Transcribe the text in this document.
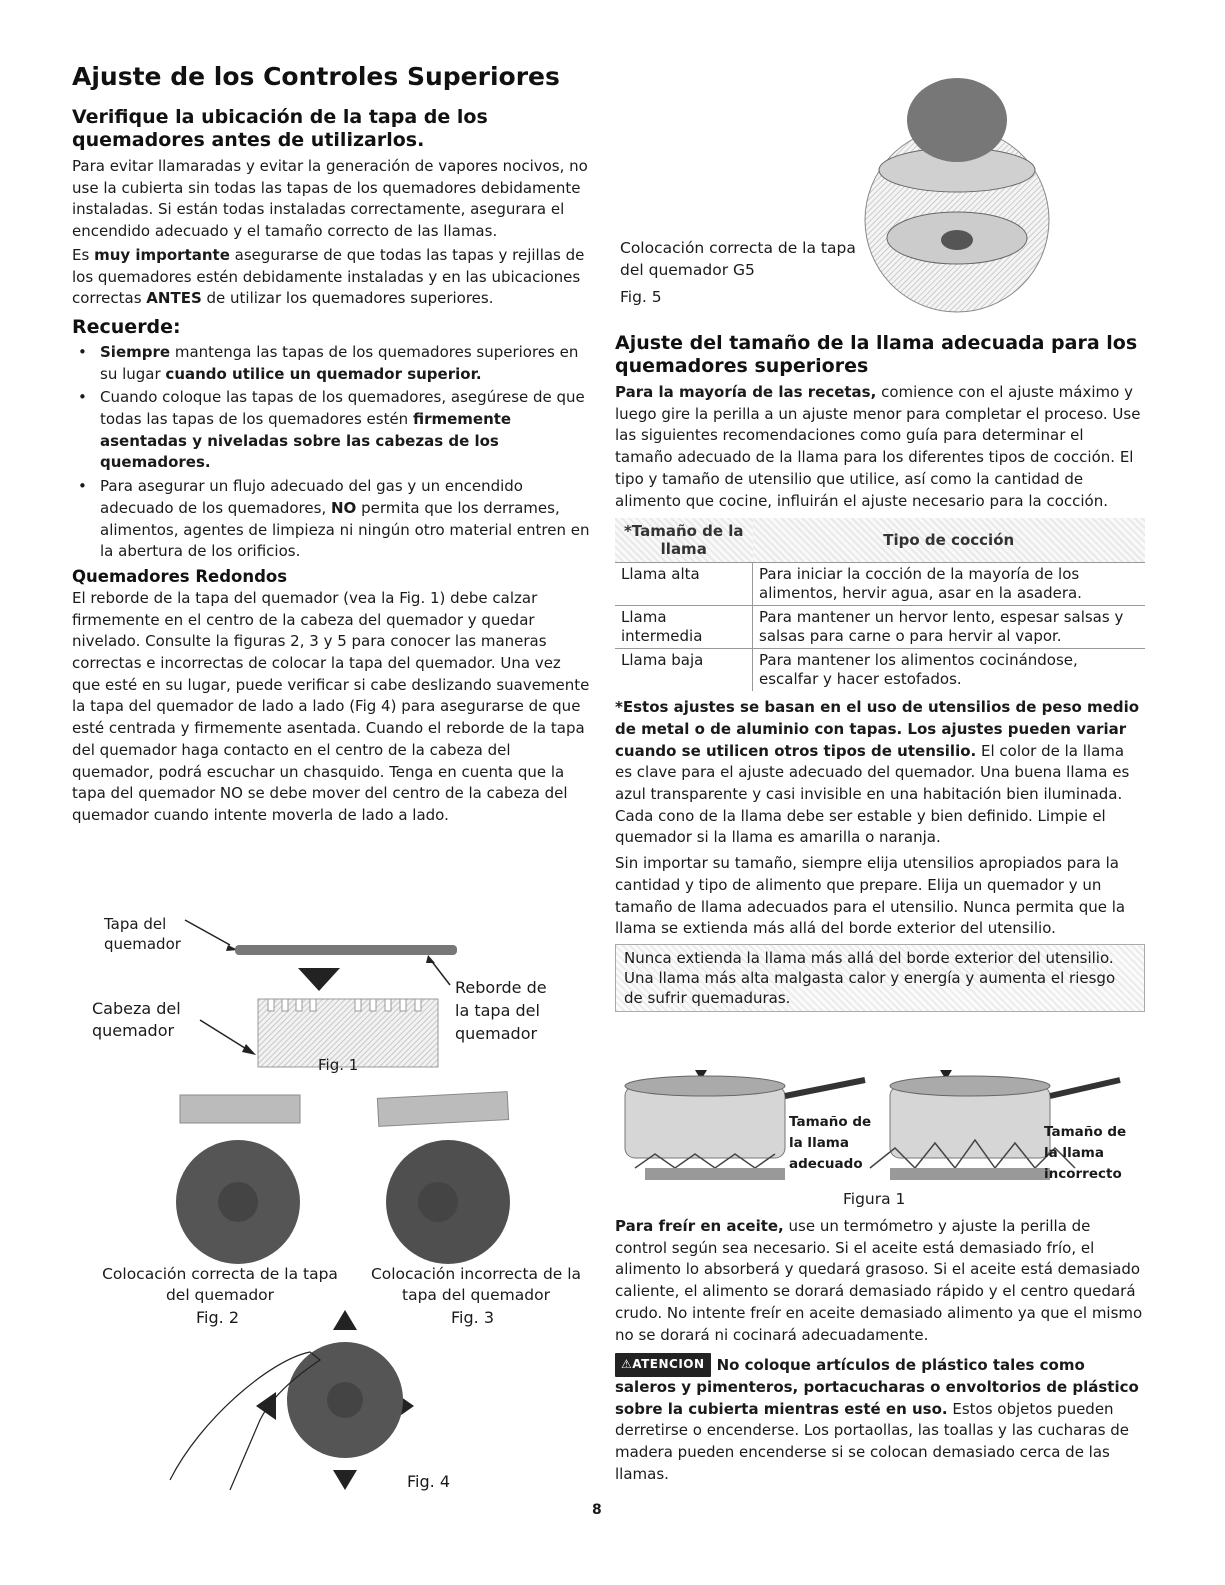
Ajuste de los Controles Superiores
Verifique la ubicación de la tapa de los quemadores antes de utilizarlos.

Para evitar llamaradas y evitar la generación de vapores nocivos, no use la cubierta sin todas las tapas de los quemadores debidamente instaladas. Si están todas instaladas correctamente, asegurara el encendido adecuado y el tamaño correcto de las llamas.

Es muy importante asegurarse de que todas las tapas y rejillas de los quemadores estén debidamente instaladas y en las ubicaciones correctas ANTES de utilizar los quemadores superiores.

Recuerde:
• Siempre mantenga las tapas de los quemadores superiores en su lugar cuando utilice un quemador superior.
• Cuando coloque las tapas de los quemadores, asegúrese de que todas las tapas de los quemadores estén firmemente asentadas y niveladas sobre las cabezas de los quemadores.
• Para asegurar un flujo adecuado del gas y un encendido adecuado de los quemadores, NO permita que los derrames, alimentos, agentes de limpieza ni ningún otro material entren en la abertura de los orificios.
Quemadores Redondos

El reborde de la tapa del quemador (vea la Fig. 1) debe calzar firmemente en el centro de la cabeza del quemador y quedar nivelado. Consulte la figuras 2, 3 y 5 para conocer las maneras correctas e incorrectas de colocar la tapa del quemador. Una vez que esté en su lugar, puede verificar si cabe deslizando suavemente la tapa del quemador de lado a lado (Fig 4) para asegurarse de que esté centrada y firmemente asentada. Cuando el reborde de la tapa del quemador haga contacto en el centro de la cabeza del quemador, podrá escuchar un chasquido. Tenga en cuenta que la tapa del quemador NO se debe mover del centro de la cabeza del quemador cuando intente moverla de lado a lado.

Tapa del quemador
Cabeza del quemador
Reborde de la tapa del quemador
Fig. 1
Colocación correcta de la tapa del quemador
Colocación incorrecta de la tapa del quemador
Fig. 2	Fig. 3
Fig. 4
Colocación correcta de la tapa del quemador G5
Fig. 5
Ajuste del tamaño de la llama adecuada para los quemadores superiores

Para la mayoría de las recetas, comience con el ajuste máximo y luego gire la perilla a un ajuste menor para completar el proceso. Use las siguientes recomendaciones como guía para determinar el tamaño adecuado de la llama para los diferentes tipos de cocción. El tipo y tamaño de utensilio que utilice, así como la cantidad de alimento que cocine, influirán el ajuste necesario para la cocción.

*Tamaño de la llama	Tipo de cocción
Llama alta	Para iniciar la cocción de la mayoría de los alimentos, hervir agua, asar en la asadera.
Llama intermedia	Para mantener un hervor lento, espesar salsas y salsas para carne o para hervir al vapor.
Llama baja	Para mantener los alimentos cocinándose, escalfar y hacer estofados.

*Estos ajustes se basan en el uso de utensilios de peso medio de metal o de aluminio con tapas. Los ajustes pueden variar cuando se utilicen otros tipos de utensilio. El color de la llama es clave para el ajuste adecuado del quemador. Una buena llama es azul transparente y casi invisible en una habitación bien iluminada. Cada cono de la llama debe ser estable y bien definido. Limpie el quemador si la llama es amarilla o naranja.

Sin importar su tamaño, siempre elija utensilios apropiados para la cantidad y tipo de alimento que prepare. Elija un quemador y un tamaño de llama adecuados para el utensilio. Nunca permita que la llama se extienda más allá del borde exterior del utensilio.

Nunca extienda la llama más allá del borde exterior del utensilio. Una llama más alta malgasta calor y energía y aumenta el riesgo de sufrir quemaduras.
Tamaño de la llama adecuado
Tamaño de la llama incorrecto
Figura 1

Para freír en aceite, use un termómetro y ajuste la perilla de control según sea necesario. Si el aceite está demasiado frío, el alimento lo absorberá y quedará grasoso. Si el aceite está demasiado caliente, el alimento se dorará demasiado rápido y el centro quedará crudo. No intente freír en aceite demasiado alimento ya que el mismo no se dorará ni cocinará adecuadamente.

⚠ATENCION No coloque artículos de plástico tales como saleros y pimenteros, portacucharas o envoltorios de plástico sobre la cubierta mientras esté en uso. Estos objetos pueden derretirse o encenderse. Los portaollas, las toallas y las cucharas de madera pueden encenderse si se colocan demasiado cerca de las llamas.

8
